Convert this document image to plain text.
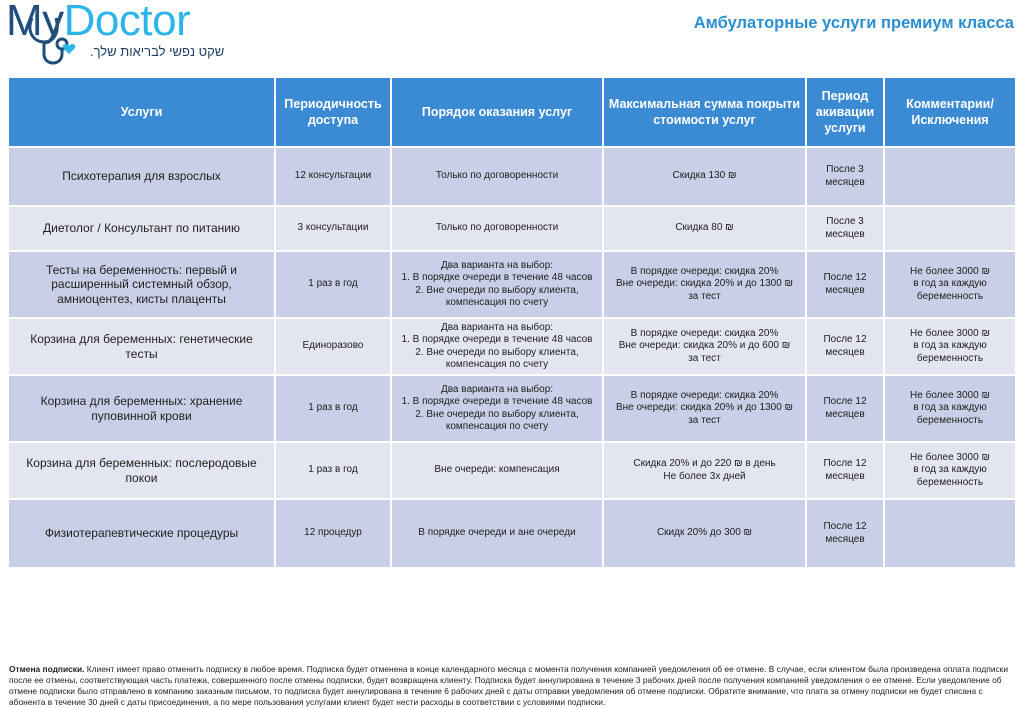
MyDoctor
שקט נפשי לבריאות שלך.
Амбулаторные услуги премиум класса
Услуги	Периодичность доступа	Порядок оказания услуг	Максимальная сумма покрыти стоимости услуг	Период акивации услуги	Комментарии/ Исключения
Психотерапия для взрослых	12 консультации	Только по договоренности	Скидка 130 ₪	После 3
месяцев	
Диетолог / Консультант по питанию	3 консультации	Только по договоренности	Скидка 80 ₪	После 3
месяцев	
Тесты на беременность: первый и расширенный системный обзор, амниоцентез, кисты плаценты	1 раз в год	Два варианта на выбор:
1. В порядке очереди в течение 48 часов
2. Вне очереди по выбору клиента,
компенсация по счету	В порядке очереди: скидка 20%
Вне очереди: скидка 20% и до 1300 ₪
за тест	После 12
месяцев	Не более 3000 ₪
в год за каждую
беременность
Корзина для беременных: генетические тесты	Единоразово	Два варианта на выбор:
1. В порядке очереди в течение 48 часов
2. Вне очереди по выбору клиента,
компенсация по счету	В порядке очереди: скидка 20%
Вне очереди: скидка 20% и до 600 ₪
за тест	После 12
месяцев	Не более 3000 ₪
в год за каждую
беременность
Корзина для беременных: хранение пуповинной крови	1 раз в год	Два варианта на выбор:
1. В порядке очереди в течение 48 часов
2. Вне очереди по выбору клиента,
компенсация по счету	В порядке очереди: скидка 20%
Вне очереди: скидка 20% и до 1300 ₪
за тест	После 12
месяцев	Не более 3000 ₪
в год за каждую
беременность
Корзина для беременных: послеродовые покои	1 раз в год	Вне очереди: компенсация	Скидка 20% и до 220 ₪ в день
Не более 3х дней	После 12
месяцев	Не более 3000 ₪
в год за каждую
беременность
Физиотерапевтические процедуры	12 процедур	В порядке очереди и ане очереди	Скидк 20% до 300 ₪	После 12
месяцев	
Отмена подписки. Клиент имеет право отменить подписку в любое время. Подписка будет отменена в конце календарного месяца с момента получения компанией уведомления об ее отмене. В случае, если клиентом была произведена оплата подписки после ее отмены, соответствующая часть платежа, совершенного после отмены подписки, будет возвращена клиенту. Подписка будет аннулирована в течение 3 рабочих дней после получения компанией уведомления о ее отмене. Если уведомление об отмене подписки было отправлено в компанию заказным письмом, то подписка будет аннулирована в течение 6 рабочих дней с даты отправки уведомления об отмене подписки. Обратите внимание, что плата за отмену подписки не будет списана с абонента в течение 30 дней с даты присоединения, а по мере пользования услугами клиент будет нести расходы в соответствии с условиями подписки.
